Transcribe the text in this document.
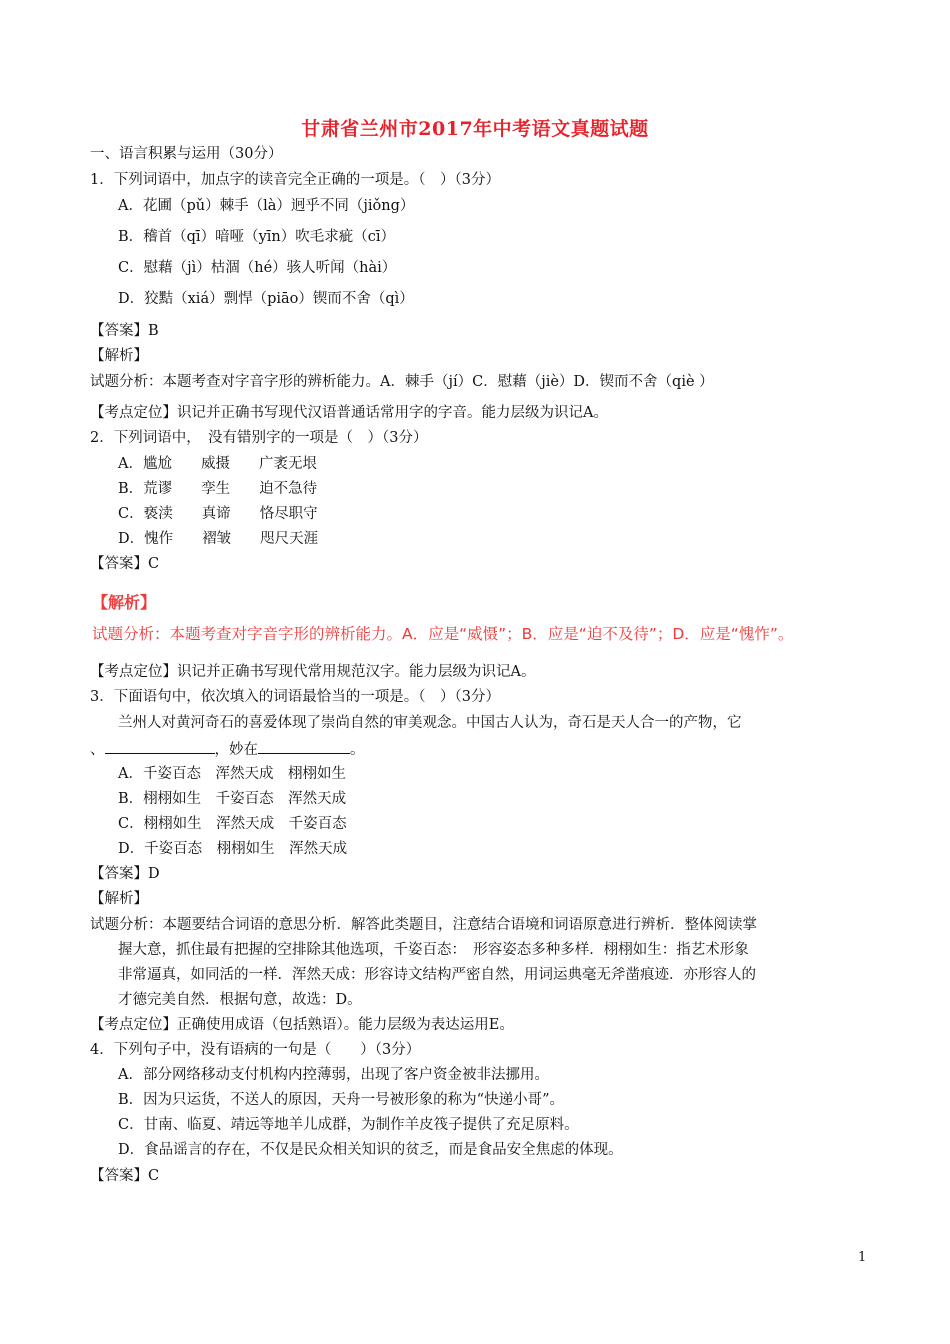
甘肃省兰州市2017年中考语文真题试题
一、语言积累与运用（30分）
1．下列词语中，加点字的读音完全正确的一项是。（　）（3分）
A．花圃（pǔ）棘手（là）迥乎不同（jiǒng）
B．稽首（qī）喑哑（yīn）吹毛求疵（cī）
C．慰藉（jì）枯涸（hé）骇人听闻（hài）
D．狡黠（xiá）剽悍（piāo）锲而不舍（qì）
【答案】B
【解析】
试题分析：本题考查对字音字形的辨析能力。A．棘手（jí）C．慰藉（jiè）D．锲而不舍（qiè ）
【考点定位】识记并正确书写现代汉语普通话常用字的字音。能力层级为识记A。
2．下列词语中，　没有错别字的一项是（　）（3分）
A．尴尬　　威摄　　广袤无垠
B．荒谬　　孪生　　迫不急待
C．亵渎　　真谛　　恪尽职守
D．愧作　　褶皱　　咫尺天涯
【答案】C
【解析】
试题分析：本题考查对字音字形的辨析能力。A．应是“威慑”；B．应是“迫不及待”；D．应是“愧怍”。
【考点定位】识记并正确书写现代常用规范汉字。能力层级为识记A。
3．下面语句中，依次填入的词语最恰当的一项是。（　）（3分）
兰州人对黄河奇石的喜爱体现了崇尚自然的审美观念。中国古人认为，奇石是天人合一的产物，它
、	，妙在	。
A．千姿百态　浑然天成　栩栩如生
B．栩栩如生　千姿百态　浑然天成
C．栩栩如生　浑然天成　千姿百态
D．千姿百态　栩栩如生　浑然天成
【答案】D
【解析】
试题分析：本题要结合词语的意思分析．解答此类题目，注意结合语境和词语原意进行辨析．整体阅读掌
握大意，抓住最有把握的空排除其他选项，千姿百态：　形容姿态多种多样．栩栩如生：指艺术形象
非常逼真，如同活的一样．浑然天成：形容诗文结构严密自然，用词运典毫无斧凿痕迹．亦形容人的
才德完美自然．根据句意，故选：D。
【考点定位】正确使用成语（包括熟语）。能力层级为表达运用E。
4．下列句子中，没有语病的一句是（　　）（3分）
A．部分网络移动支付机构内控薄弱，出现了客户资金被非法挪用。
B．因为只运货，不送人的原因，天舟一号被形象的称为“快递小哥”。
C．甘南、临夏、靖远等地羊儿成群，为制作羊皮筏子提供了充足原料。
D．食品谣言的存在，不仅是民众相关知识的贫乏，而是食品安全焦虑的体现。
【答案】C
1
